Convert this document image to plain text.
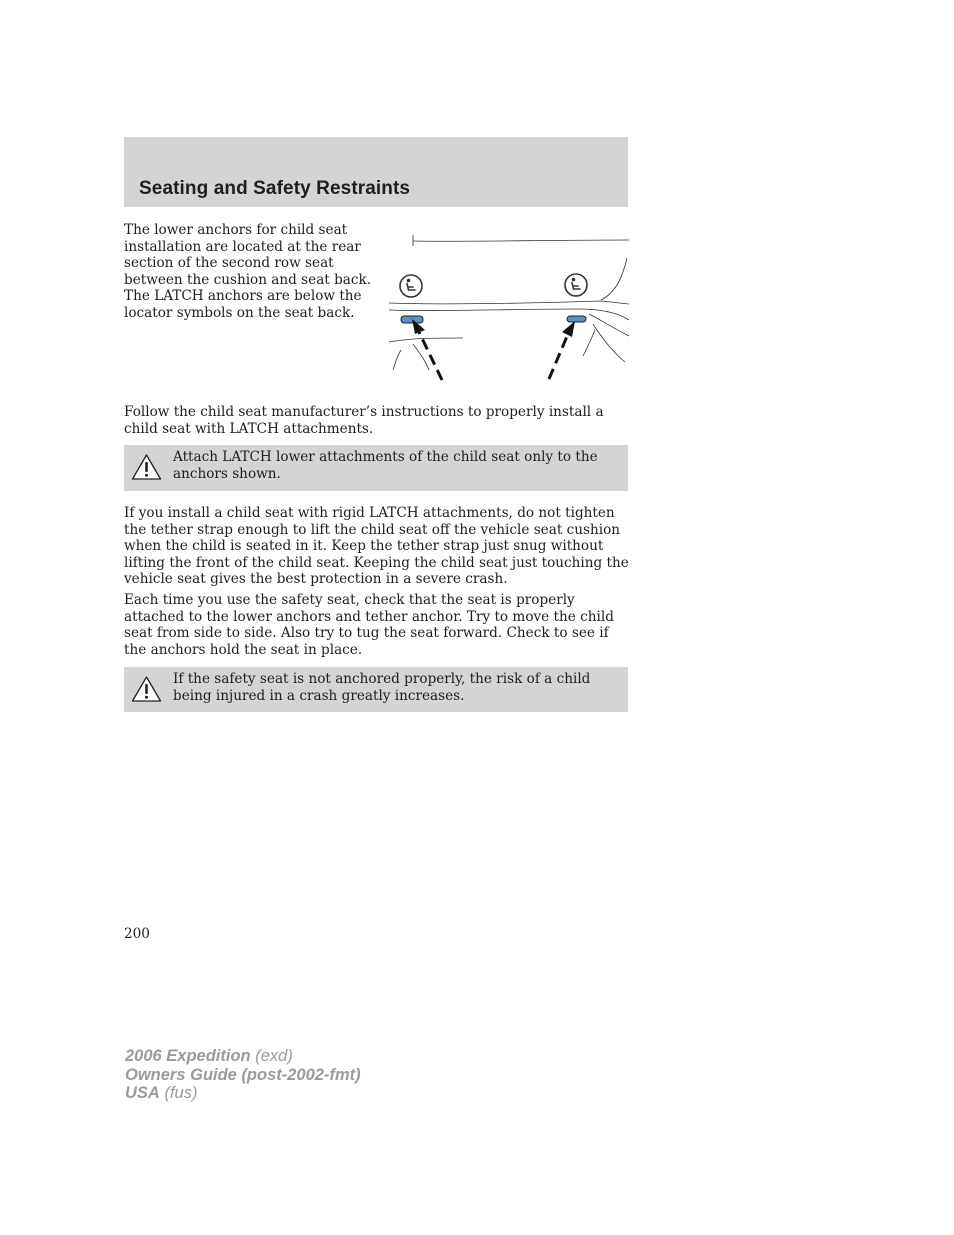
Seating and Safety Restraints

The lower anchors for child seat installation are located at the rear section of the second row seat between the cushion and seat back. The LATCH anchors are below the locator symbols on the seat back.

Follow the child seat manufacturer’s instructions to properly install a child seat with LATCH attachments.

Attach LATCH lower attachments of the child seat only to the anchors shown.

If you install a child seat with rigid LATCH attachments, do not tighten the tether strap enough to lift the child seat off the vehicle seat cushion when the child is seated in it. Keep the tether strap just snug without lifting the front of the child seat. Keeping the child seat just touching the vehicle seat gives the best protection in a severe crash.

Each time you use the safety seat, check that the seat is properly attached to the lower anchors and tether anchor. Try to move the child seat from side to side. Also try to tug the seat forward. Check to see if the anchors hold the seat in place.

If the safety seat is not anchored properly, the risk of a child being injured in a crash greatly increases.

200

2006 Expedition (exd)
Owners Guide (post-2002-fmt)
USA (fus)
